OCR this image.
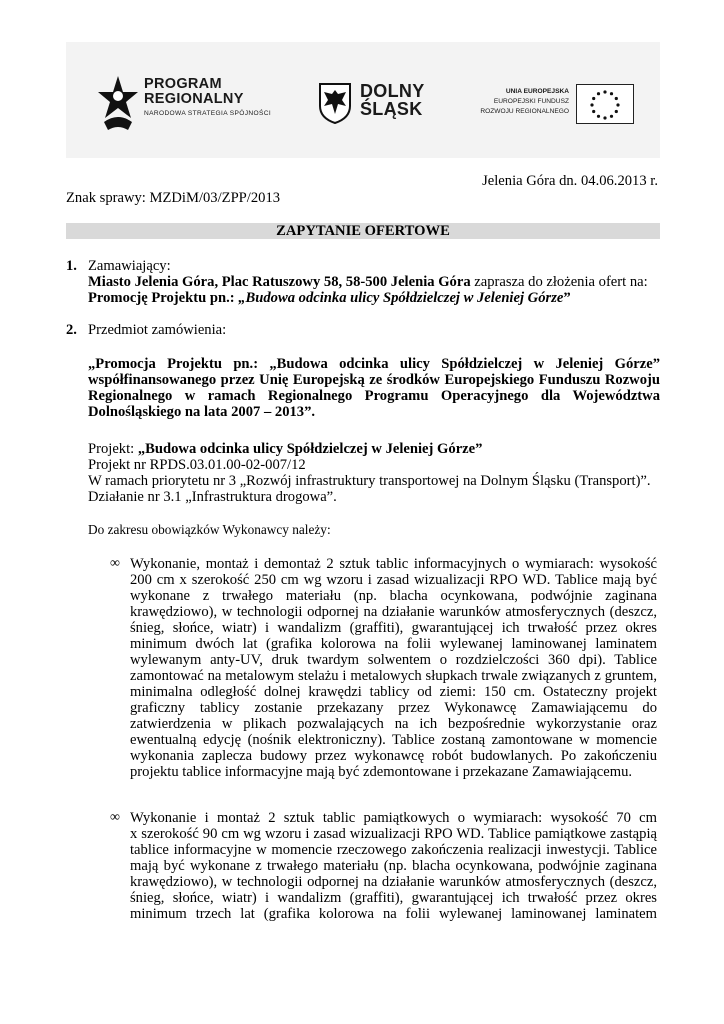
PROGRAM
REGIONALNY
NARODOWA STRATEGIA SPÓJNOŚCI
DOLNY
ŚLĄSK
UNIA EUROPEJSKA
EUROPEJSKI FUNDUSZ
ROZWOJU REGIONALNEGO
Jelenia Góra dn. 04.06.2013 r.
Znak sprawy: MZDiM/03/ZPP/2013
ZAPYTANIE OFERTOWE
1. Zamawiający:
Miasto Jelenia Góra, Plac Ratuszowy 58, 58-500 Jelenia Góra zaprasza do złożenia ofert na:
Promocję Projektu pn.: „Budowa odcinka ulicy Spółdzielczej w Jeleniej Górze”
2. Przedmiot zamówienia:
„Promocja Projektu pn.: „Budowa odcinka ulicy Spółdzielczej w Jeleniej Górze”
współfinansowanego przez Unię Europejską ze środków Europejskiego Funduszu Rozwoju
Regionalnego w ramach Regionalnego Programu Operacyjnego dla Województwa
Dolnośląskiego na lata 2007 – 2013”.
Projekt: „Budowa odcinka ulicy Spółdzielczej w Jeleniej Górze”
Projekt nr RPDS.03.01.00-02-007/12
W ramach priorytetu nr 3 „Rozwój infrastruktury transportowej na Dolnym Śląsku (Transport)”.
Działanie nr 3.1 „Infrastruktura drogowa”.
Do zakresu obowiązków Wykonawcy należy:
∞ Wykonanie, montaż i demontaż 2 sztuk tablic informacyjnych o wymiarach: wysokość
200 cm x szerokość 250 cm wg wzoru i zasad wizualizacji RPO WD. Tablice mają być
wykonane z trwałego materiału (np. blacha ocynkowana, podwójnie zaginana
krawędziowo), w technologii odpornej na działanie warunków atmosferycznych (deszcz,
śnieg, słońce, wiatr) i wandalizm (graffiti), gwarantującej ich trwałość przez okres
minimum dwóch lat (grafika kolorowa na folii wylewanej laminowanej laminatem
wylewanym anty-UV, druk twardym solwentem o rozdzielczości 360 dpi). Tablice
zamontować na metalowym stelażu i metalowych słupkach trwale związanych z gruntem,
minimalna odległość dolnej krawędzi tablicy od ziemi: 150 cm. Ostateczny projekt
graficzny tablicy zostanie przekazany przez Wykonawcę Zamawiającemu do
zatwierdzenia w plikach pozwalających na ich bezpośrednie wykorzystanie oraz
ewentualną edycję (nośnik elektroniczny). Tablice zostaną zamontowane w momencie
wykonania zaplecza budowy przez wykonawcę robót budowlanych. Po zakończeniu
projektu tablice informacyjne mają być zdemontowane i przekazane Zamawiającemu.
∞ Wykonanie i montaż 2 sztuk tablic pamiątkowych o wymiarach: wysokość 70 cm
x szerokość 90 cm wg wzoru i zasad wizualizacji RPO WD. Tablice pamiątkowe zastąpią
tablice informacyjne w momencie rzeczowego zakończenia realizacji inwestycji. Tablice
mają być wykonane z trwałego materiału (np. blacha ocynkowana, podwójnie zaginana
krawędziowo), w technologii odpornej na działanie warunków atmosferycznych (deszcz,
śnieg, słońce, wiatr) i wandalizm (graffiti), gwarantującej ich trwałość przez okres
minimum trzech lat (grafika kolorowa na folii wylewanej laminowanej laminatem
